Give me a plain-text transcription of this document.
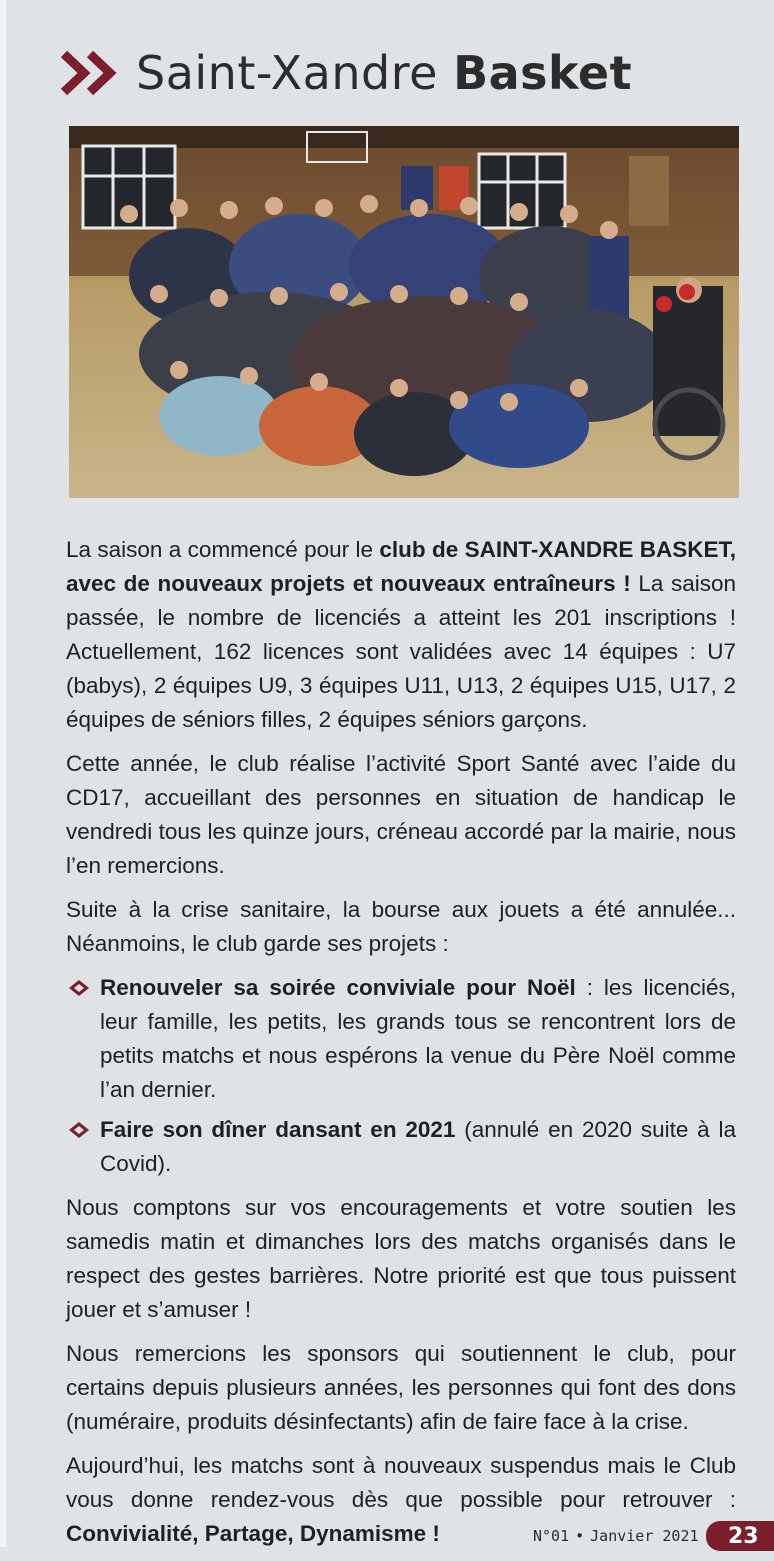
Saint-Xandre Basket

La saison a commencé pour le club de SAINT-XANDRE BASKET, avec de nouveaux projets et nouveaux entraîneurs ! La saison passée, le nombre de licenciés a atteint les 201 inscriptions ! Actuellement, 162 licences sont validées avec 14 équipes : U7 (babys), 2 équipes U9, 3 équipes U11, U13, 2 équipes U15, U17, 2 équipes de séniors filles, 2 équipes séniors garçons.

Cette année, le club réalise l’activité Sport Santé avec l’aide du CD17, accueillant des personnes en situation de handicap le vendredi tous les quinze jours, créneau accordé par la mairie, nous l’en remercions.

Suite à la crise sanitaire, la bourse aux jouets a été annulée... Néanmoins, le club garde ses projets :

Renouveler sa soirée conviviale pour Noël : les licenciés, leur famille, les petits, les grands tous se rencontrent lors de petits matchs et nous espérons la venue du Père Noël comme l’an dernier.
Faire son dîner dansant en 2021 (annulé en 2020 suite à la Covid).

Nous comptons sur vos encouragements et votre soutien les samedis matin et dimanches lors des matchs organisés dans le respect des gestes barrières. Notre priorité est que tous puissent jouer et s’amuser !

Nous remercions les sponsors qui soutiennent le club, pour certains depuis plusieurs années, les personnes qui font des dons (numéraire, produits désinfectants) afin de faire face à la crise.

Aujourd’hui, les matchs sont à nouveaux suspendus mais le Club vous donne rendez-vous dès que possible pour retrouver : Convivialité, Partage, Dynamisme !	N°01 • Janvier 2021	23
